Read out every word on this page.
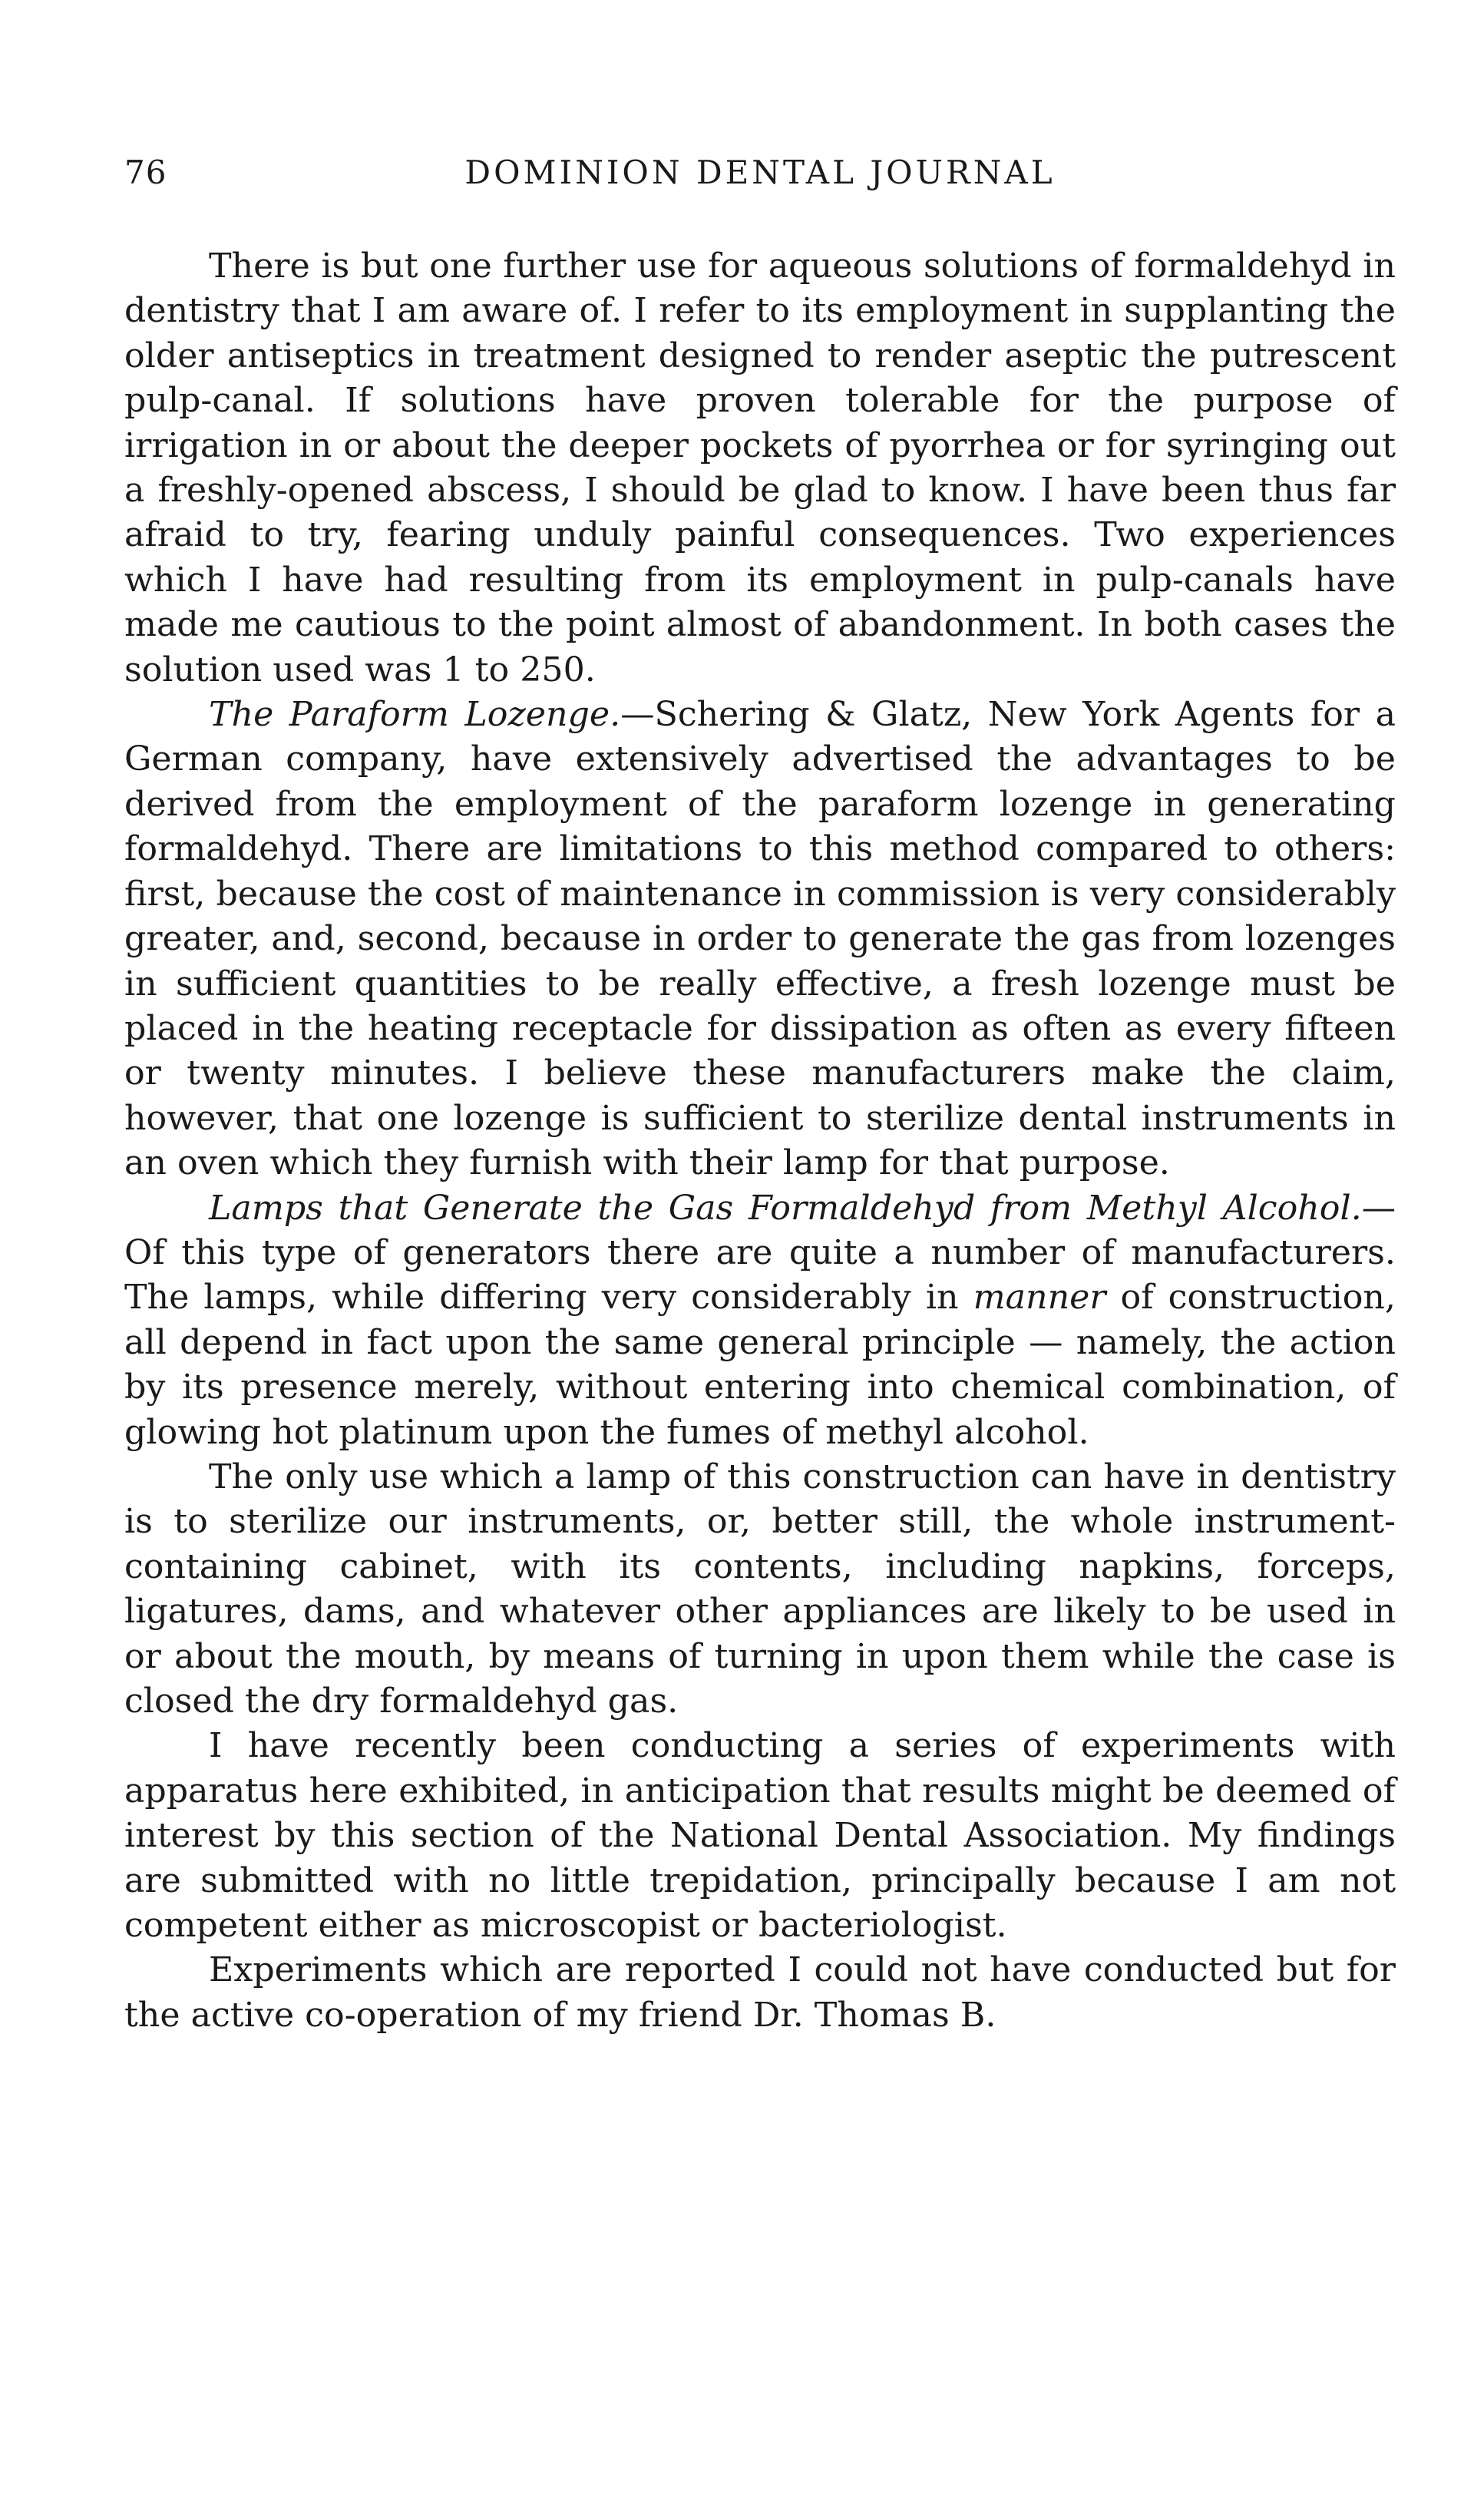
76	DOMINION DENTAL JOURNAL

There is but one further use for aqueous solutions of formaldehyd in dentistry that I am aware of. I refer to its employment in supplanting the older antiseptics in treatment designed to render aseptic the putrescent pulp-canal. If solutions have proven tolerable for the purpose of irrigation in or about the deeper pockets of pyorrhea or for syringing out a freshly-opened abscess, I should be glad to know. I have been thus far afraid to try, fearing unduly painful consequences. Two experiences which I have had resulting from its employment in pulp-canals have made me cautious to the point almost of abandonment. In both cases the solution used was 1 to 250.

The Paraform Lozenge.—Schering & Glatz, New York Agents for a German company, have extensively advertised the advantages to be derived from the employment of the paraform lozenge in generating formaldehyd. There are limitations to this method compared to others: first, because the cost of maintenance in commission is very considerably greater, and, second, because in order to generate the gas from lozenges in sufficient quantities to be really effective, a fresh lozenge must be placed in the heating receptacle for dissipation as often as every fifteen or twenty minutes. I believe these manufacturers make the claim, however, that one lozenge is sufficient to sterilize dental instruments in an oven which they furnish with their lamp for that purpose.

Lamps that Generate the Gas Formaldehyd from Methyl Alcohol.—Of this type of generators there are quite a number of manufacturers. The lamps, while differing very considerably in manner of construction, all depend in fact upon the same general principle — namely, the action by its presence merely, without entering into chemical combination, of glowing hot platinum upon the fumes of methyl alcohol.

The only use which a lamp of this construction can have in dentistry is to sterilize our instruments, or, better still, the whole instrument-containing cabinet, with its contents, including napkins, forceps, ligatures, dams, and whatever other appliances are likely to be used in or about the mouth, by means of turning in upon them while the case is closed the dry formaldehyd gas.

I have recently been conducting a series of experiments with apparatus here exhibited, in anticipation that results might be deemed of interest by this section of the National Dental Association. My findings are submitted with no little trepidation, principally because I am not competent either as microscopist or bacteriologist.

Experiments which are reported I could not have conducted but for the active co-operation of my friend Dr. Thomas B.
